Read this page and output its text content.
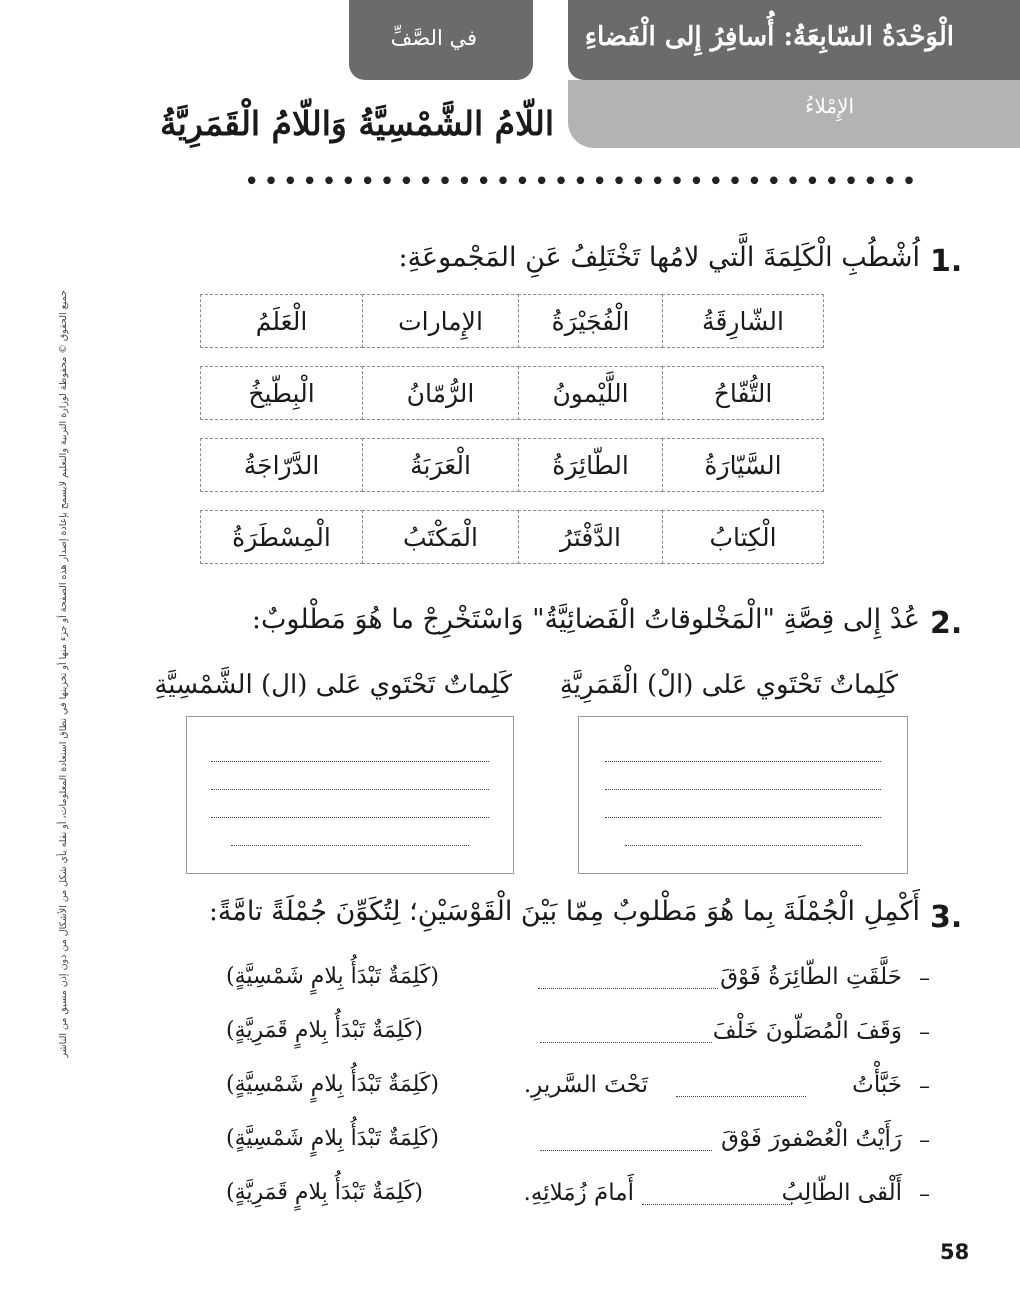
الْوَحْدَةُ السّابِعَةُ: أُسافِرُ إِلى الْفَضاءِ
الإِمْلاءُ
في الصَّفِّ
اللّامُ الشَّمْسِيَّةُ وَاللّامُ الْقَمَرِيَّةُ
•••••••••••••••••••••••••••••••••••
جميع الحقوق © محفوظة لوزارة التربية والتعليم لايسمح بإعادة إصدار هذه الصفحة أو جزء منها أو تخزينها في نطاق استعادة المعلومات، أو نقله بأي شكل من الأشكال من دون إذن مسبق من الناشر
1.
اُشْطُبِ الْكَلِمَةَ الَّتي لامُها تَخْتَلِفُ عَنِ المَجْموعَةِ:
الشّارِقَةُ
الْفُجَيْرَةُ
الإِمارات
الْعَلَمُ
التُّفّاحُ
اللَّيْمونُ
الرُّمّانُ
الْبِطّيخُ
السَّيّارَةُ
الطّائِرَةُ
الْعَرَبَةُ
الدَّرّاجَةُ
الْكِتابُ
الدَّفْتَرُ
الْمَكْتَبُ
الْمِسْطَرَةُ
2.
عُدْ إِلى قِصَّةِ "الْمَخْلوقاتُ الْفَضائِيَّةُ" وَاسْتَخْرِجْ ما هُوَ مَطْلوبٌ:
كَلِماتٌ تَحْتَوي عَلى (الْ) الْقَمَرِيَّةِ
كَلِماتٌ تَحْتَوي عَلى (ال) الشَّمْسِيَّةِ
3.
أَكْمِلِ الْجُمْلَةَ بِما هُوَ مَطْلوبٌ مِمّا بَيْنَ الْقَوْسَيْنِ؛ لِتُكَوِّنَ جُمْلَةً تامَّةً:
–
حَلَّقَتِ الطّائِرَةُ فَوْقَ
(كَلِمَةٌ تَبْدَأُ بِلامٍ شَمْسِيَّةٍ)
–
وَقَفَ الْمُصَلّونَ خَلْفَ
(كَلِمَةٌ تَبْدَأُ بِلامٍ قَمَرِيَّةٍ)
–
خَبَّأْتُ
تَحْتَ السَّريرِ.
(كَلِمَةٌ تَبْدَأُ بِلامٍ شَمْسِيَّةٍ)
–
رَأَيْتُ الْعُصْفورَ فَوْقَ
(كَلِمَةٌ تَبْدَأُ بِلامٍ شَمْسِيَّةٍ)
–
أَلْقى الطّالِبُ
أَمامَ زُمَلائِهِ.
(كَلِمَةٌ تَبْدَأُ بِلامٍ قَمَرِيَّةٍ)
58
